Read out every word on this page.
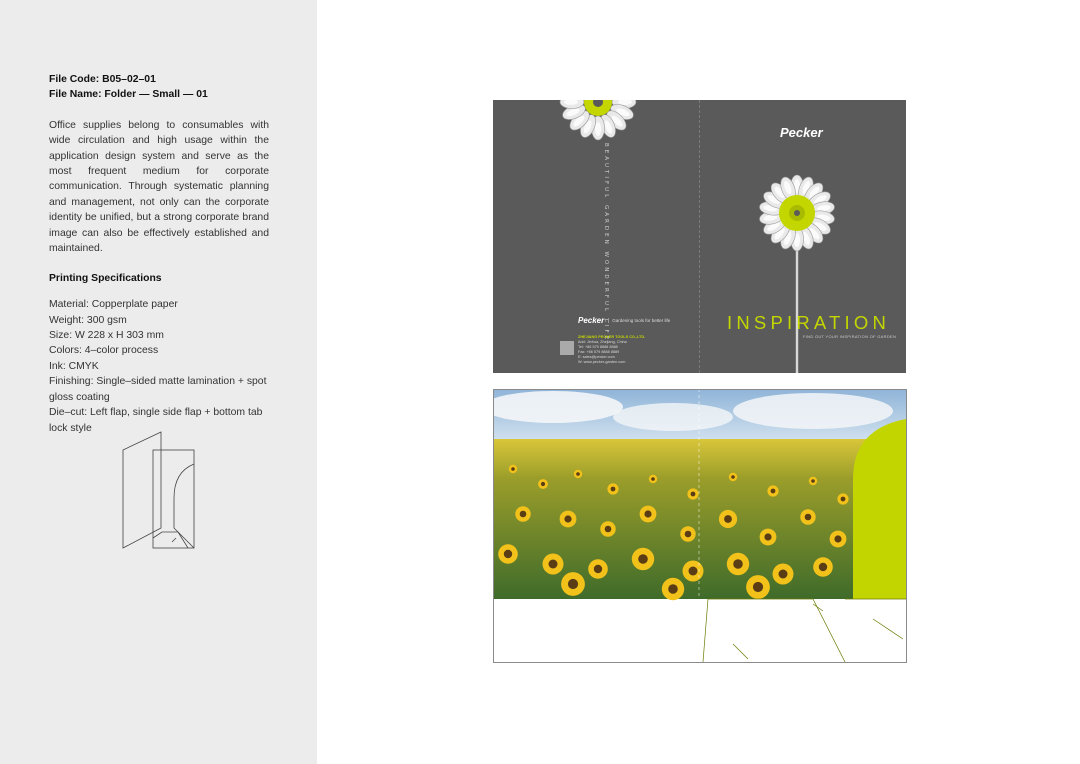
File Code: B05–02–01

File Name: Folder — Small — 01

Office supplies belong to consumables with wide circulation and high usage within the application design system and serve as the most frequent medium for corporate communication. Through systematic planning and management, not only can the corporate identity be unified, but a strong corporate brand image can also be effectively established and maintained.

Printing Specifications

Material: Copperplate paper

Weight: 300 gsm

Size: W 228 x H 303 mm

Colors: 4–color process

Ink: CMYK

Finishing: Single–sided matte lamination + spot gloss coating

Die–cut: Left flap, single side flap + bottom tab lock style

BEAUTIFUL GARDEN WONDERFUL LIFE
Pecker	Gardening tools for better life
ZHEJIANG PECKER TOOLS CO.,LTD.
Add: Jinhua, Zhejiang, China
Tel: +86 579 8888 8888
Fax: +86 579 8888 8889
E: sales@pecker.com
W: www.pecker-garden.com
Pecker
INSPIRATION
FIND OUT YOUR INSPIRATION OF GARDEN
Pecker TAKE YOUR GARDENING GREENER
